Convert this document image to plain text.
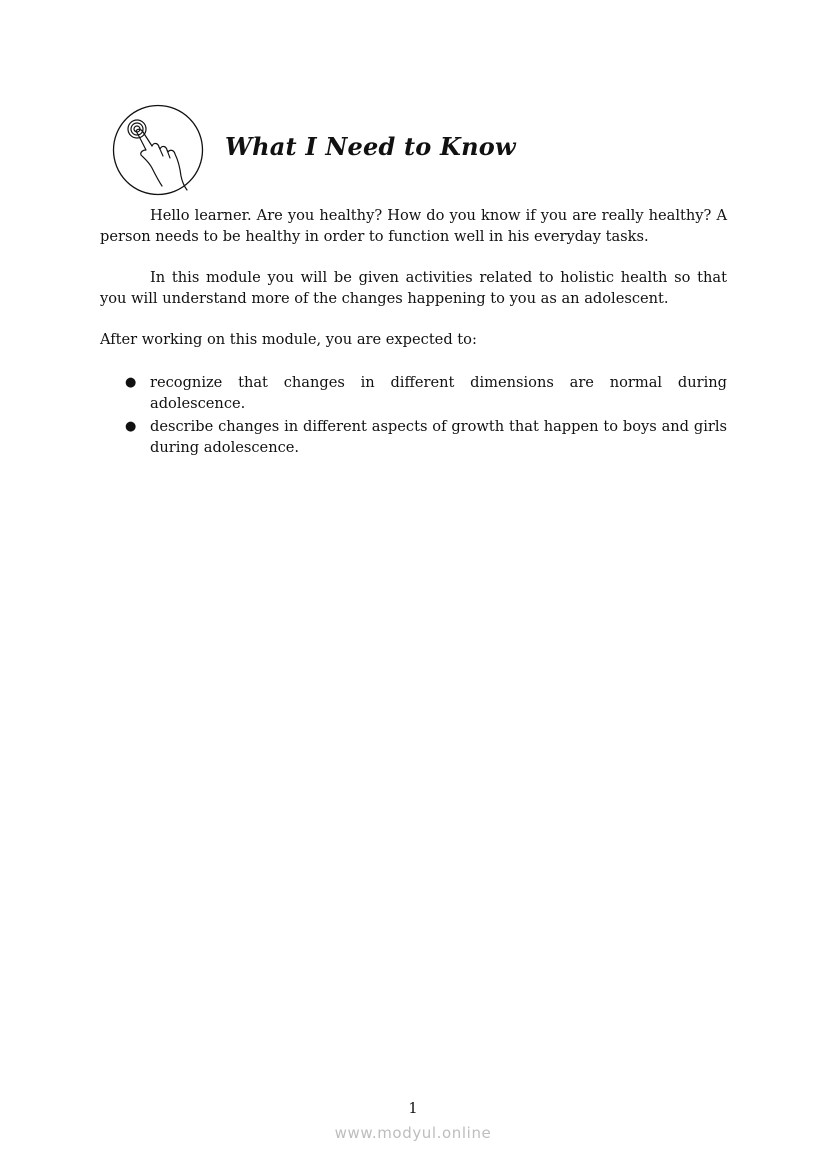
What I Need to Know

Hello learner. Are you healthy? How do you know if you are really healthy? A person needs to be healthy in order to function well in his everyday tasks.

In this module you will be given activities related to holistic health so that you will understand more of the changes happening to you as an adolescent.

After working on this module, you are expected to:

● recognize that changes in different dimensions are normal during adolescence.
● describe changes in different aspects of growth that happen to boys and girls during adolescence.
1
www.modyul.online
